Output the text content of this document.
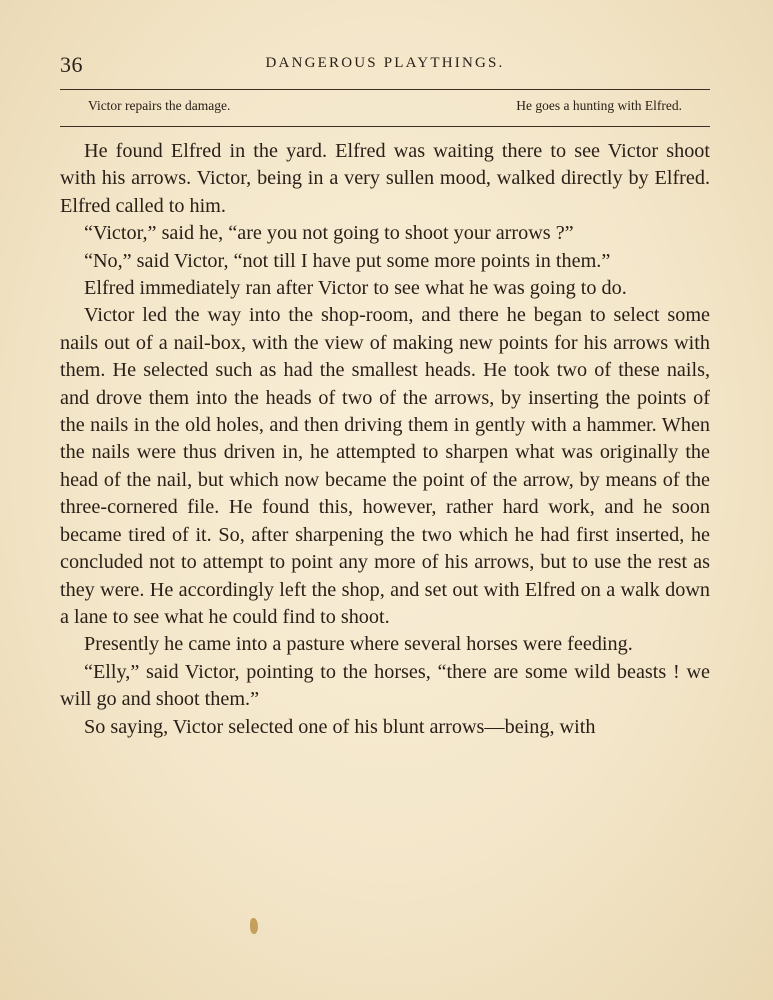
36	DANGEROUS PLAYTHINGS.
Victor repairs the damage.	He goes a hunting with Elfred.

He found Elfred in the yard. Elfred was waiting there to see Victor shoot with his arrows. Victor, being in a very sullen mood, walked directly by Elfred. Elfred called to him.

“Victor,” said he, “are you not going to shoot your arrows ?”

“No,” said Victor, “not till I have put some more points in them.”

Elfred immediately ran after Victor to see what he was going to do.

Victor led the way into the shop-room, and there he began to select some nails out of a nail-box, with the view of making new points for his arrows with them. He selected such as had the smallest heads. He took two of these nails, and drove them into the heads of two of the arrows, by inserting the points of the nails in the old holes, and then driving them in gently with a hammer. When the nails were thus driven in, he attempted to sharpen what was originally the head of the nail, but which now became the point of the arrow, by means of the three-cornered file. He found this, however, rather hard work, and he soon became tired of it. So, after sharpening the two which he had first inserted, he concluded not to attempt to point any more of his arrows, but to use the rest as they were. He accordingly left the shop, and set out with Elfred on a walk down a lane to see what he could find to shoot.

Presently he came into a pasture where several horses were feeding.

“Elly,” said Victor, pointing to the horses, “there are some wild beasts ! we will go and shoot them.”

So saying, Victor selected one of his blunt arrows—being, with
